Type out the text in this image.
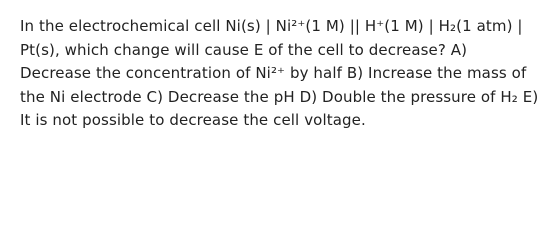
In the electrochemical cell Ni(s) | Ni²⁺(1 M) || H⁺(1 M) | H₂(1 atm) | Pt(s), which change will cause E of the cell to decrease? A) Decrease the concentration of Ni²⁺ by half B) Increase the mass of the Ni electrode C) Decrease the pH D) Double the pressure of H₂ E) It is not possible to decrease the cell voltage.
